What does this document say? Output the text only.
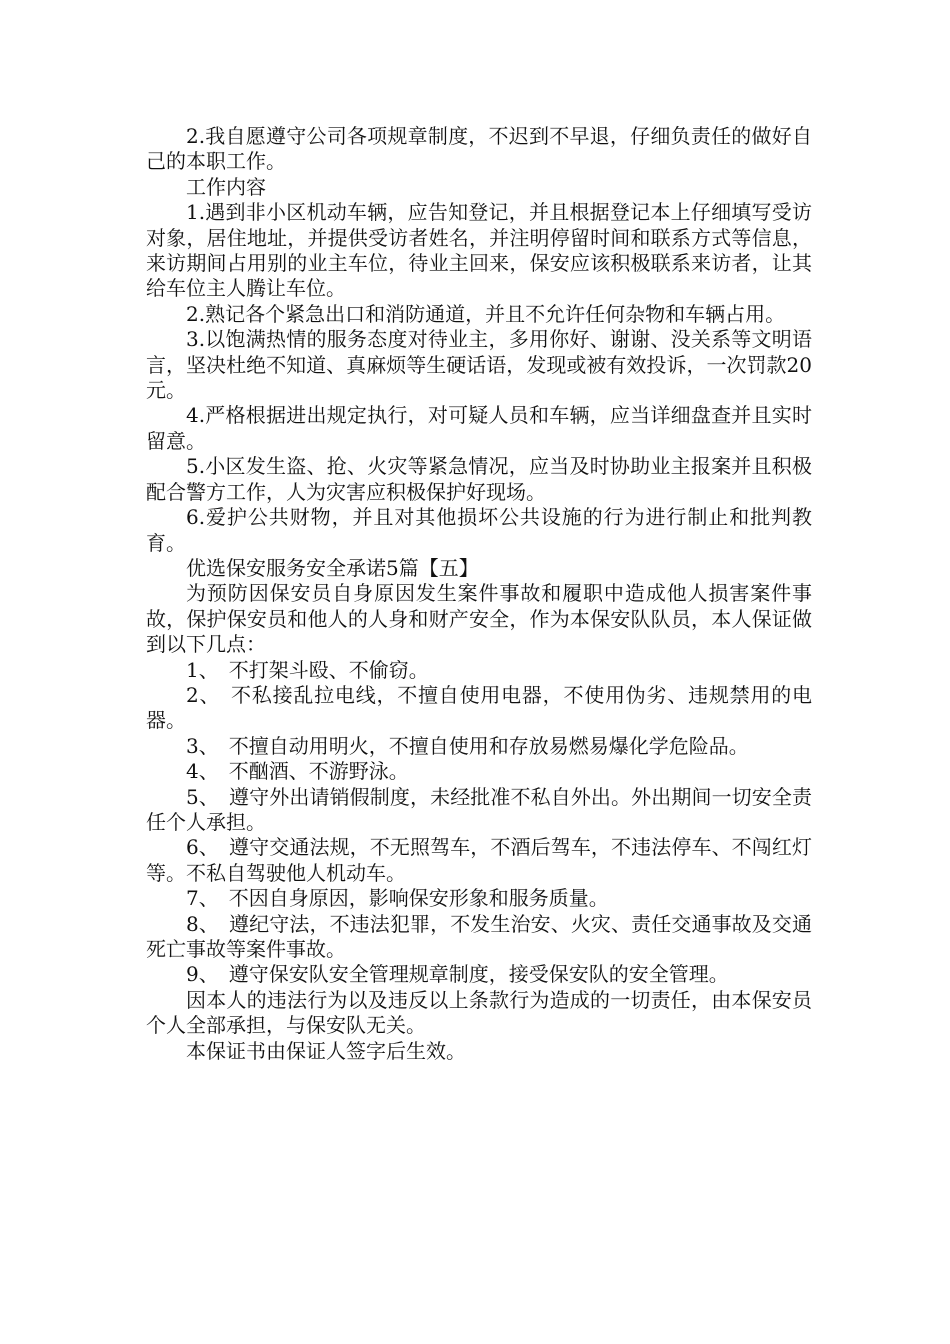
2.我自愿遵守公司各项规章制度，不迟到不早退，仔细负责任的做好自己的本职工作。

工作内容

1.遇到非小区机动车辆，应告知登记，并且根据登记本上仔细填写受访对象，居住地址，并提供受访者姓名，并注明停留时间和联系方式等信息，来访期间占用别的业主车位，待业主回来，保安应该积极联系来访者，让其给车位主人腾让车位。

2.熟记各个紧急出口和消防通道，并且不允许任何杂物和车辆占用。

3.以饱满热情的服务态度对待业主，多用你好、谢谢、没关系等文明语言，坚决杜绝不知道、真麻烦等生硬话语，发现或被有效投诉，一次罚款20元。

4.严格根据进出规定执行，对可疑人员和车辆，应当详细盘查并且实时留意。

5.小区发生盗、抢、火灾等紧急情况，应当及时协助业主报案并且积极配合警方工作，人为灾害应积极保护好现场。

6.爱护公共财物，并且对其他损坏公共设施的行为进行制止和批判教育。

优选保安服务安全承诺5篇【五】

为预防因保安员自身原因发生案件事故和履职中造成他人损害案件事故，保护保安员和他人的人身和财产安全，作为本保安队队员，本人保证做到以下几点：

1、　不打架斗殴、不偷窃。

2、　不私接乱拉电线，不擅自使用电器，不使用伪劣、违规禁用的电器。

3、　不擅自动用明火，不擅自使用和存放易燃易爆化学危险品。

4、　不酗酒、不游野泳。

5、　遵守外出请销假制度，未经批准不私自外出。外出期间一切安全责任个人承担。

6、　遵守交通法规，不无照驾车，不酒后驾车，不违法停车、不闯红灯等。不私自驾驶他人机动车。

7、　不因自身原因，影响保安形象和服务质量。

8、　遵纪守法，不违法犯罪，不发生治安、火灾、责任交通事故及交通死亡事故等案件事故。

9、　遵守保安队安全管理规章制度，接受保安队的安全管理。

因本人的违法行为以及违反以上条款行为造成的一切责任，由本保安员个人全部承担，与保安队无关。

本保证书由保证人签字后生效。
